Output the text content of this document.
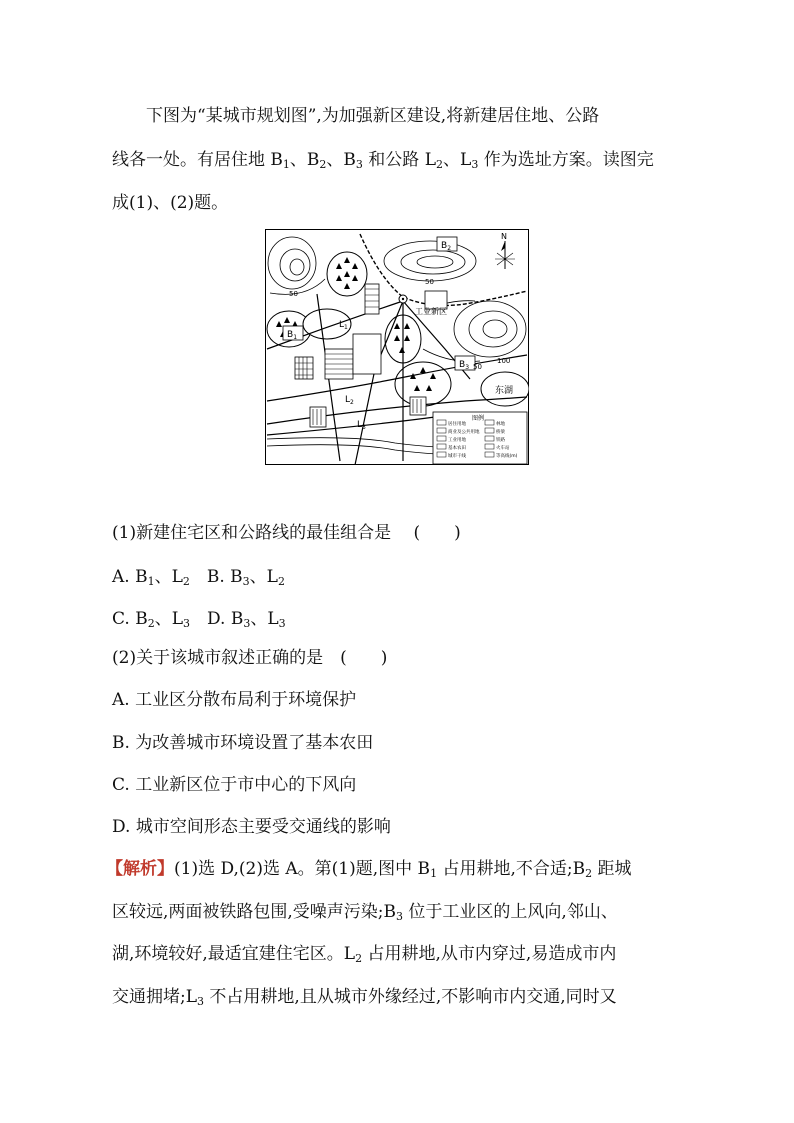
下图为“某城市规划图”,为加强新区建设,将新建居住地、公路
线各一处。有居住地 $B_1$、$B_2$、$B_3$ 和公路 $L_2$、$L_3$ 作为选址方案。读图完
成(1)、(2)题。
$B_2$
$B_1$
$B_3$
$L_1$
$L_2$
$L_3$
工业新区
东湖
50
50
50
100
N
图例
居住用地
商业及公共用地
工业用地
基本农田
城市干线
林地
桥梁
铁路
火车站
等高线(m)
(1)新建住宅区和公路线的最佳组合是　 (　　)
A. $B_1$、$L_2$　B. $B_3$、$L_2$
C. $B_2$、$L_3$　D. $B_3$、$L_3$
(2)关于该城市叙述正确的是　(　　)
A. 工业区分散布局利于环境保护
B. 为改善城市环境设置了基本农田
C. 工业新区位于市中心的下风向
D. 城市空间形态主要受交通线的影响
【解析】(1)选 D,(2)选 A。第(1)题,图中 $B_1$ 占用耕地,不合适$;B_2$ 距城
区较远,两面被铁路包围,受噪声污染$;B_3$ 位于工业区的上风向,邻山、
湖,环境较好,最适宜建住宅区。$L_2$ 占用耕地,从市内穿过,易造成市内
交通拥堵$;L_3$ 不占用耕地,且从城市外缘经过,不影响市内交通,同时又
